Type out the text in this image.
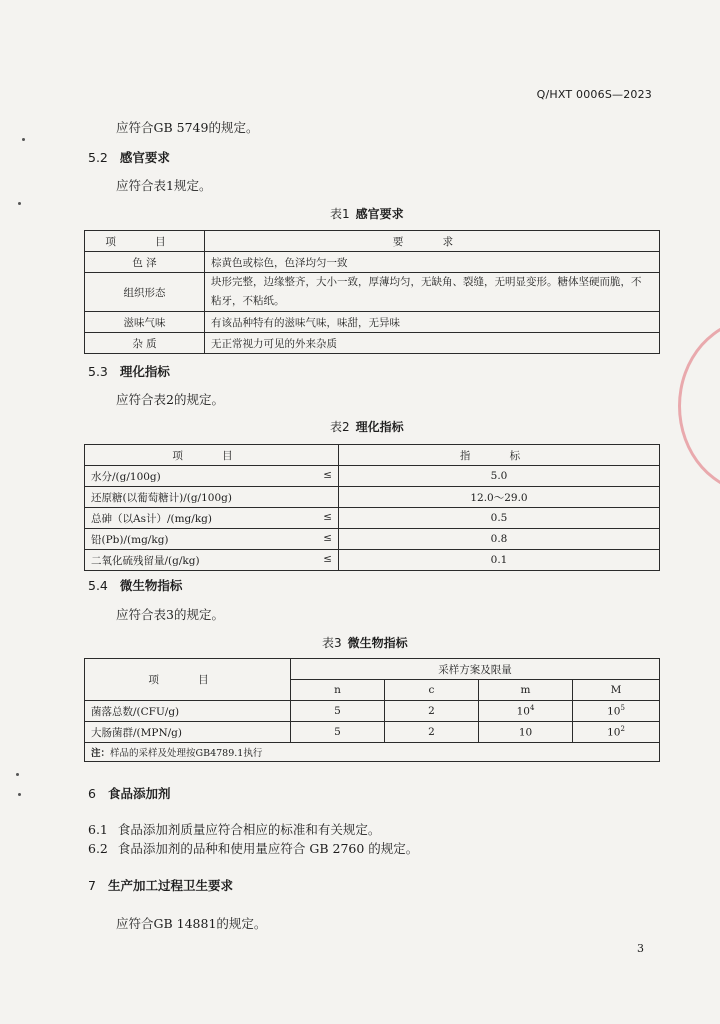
Q/HXT 0006S—2023
应符合GB 5749的规定。
5.2 感官要求
应符合表1规定。
表1 感官要求
项 目	要 求
色 泽	棕黄色或棕色，色泽均匀一致
组织形态	块形完整，边缘整齐，大小一致，厚薄均匀，无缺角、裂缝，无明显变形。糖体坚硬而脆，不
粘牙，不粘纸。

滋味气味	有该品种特有的滋味气味，味甜，无异味
杂 质	无正常视力可见的外来杂质
5.3 理化指标
应符合表2的规定。
表2 理化指标
项 目	指 标
水分/(g/100g) ≤	5.0
还原糖(以葡萄糖计)/(g/100g)	12.0～29.0
总砷（以As计）/(mg/kg) ≤	0.5
铅(Pb)/(mg/kg) ≤	0.8
二氧化硫残留量/(g/kg) ≤	0.1
5.4 微生物指标
应符合表3的规定。
表3 微生物指标
项 目	采样方案及限量			
	n	c	m	M
菌落总数/(CFU/g)	5	2	$10^4$	$10^5$
大肠菌群/(MPN/g)	5	2	10	$10^2$
注：样品的采样及处理按GB4789.1执行				
6 食品添加剂
6.1 食品添加剂质量应符合相应的标准和有关规定。
6.2 食品添加剂的品种和使用量应符合 GB 2760 的规定。
7 生产加工过程卫生要求
应符合GB 14881的规定。
3
